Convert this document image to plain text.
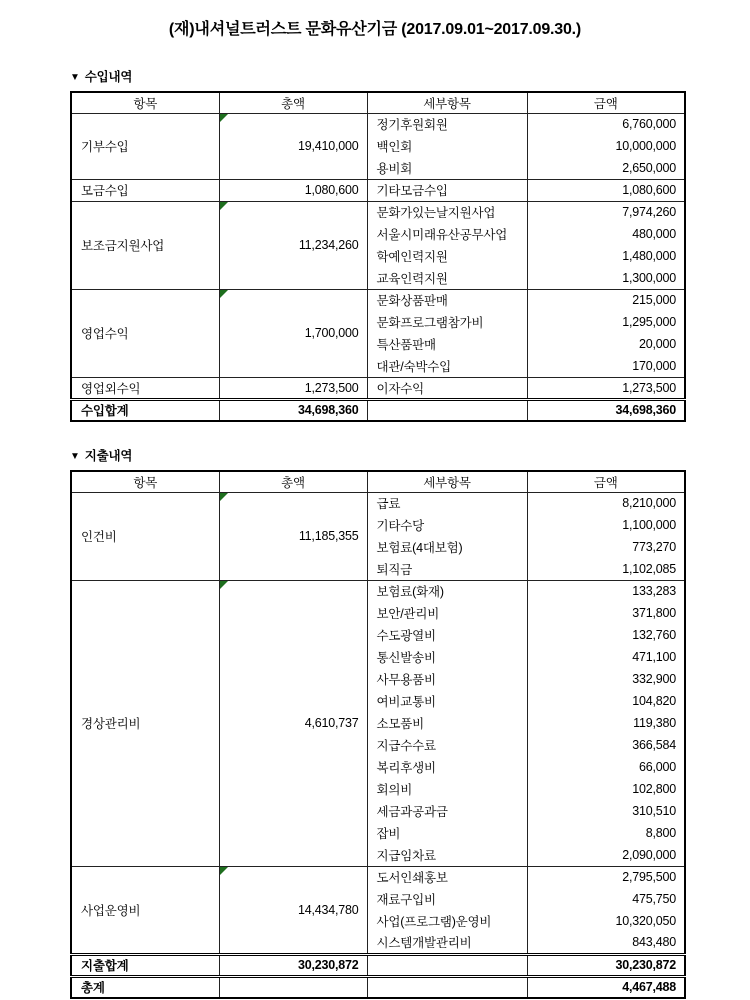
(재)내셔널트러스트 문화유산기금 (2017.09.01~2017.09.30.)
▼ 수입내역
항목	총액	세부항목	금액
기부수입	19,410,000	정기후원회원	6,760,000
		백인회	10,000,000
		용비회	2,650,000
모금수입	1,080,600	기타모금수입	1,080,600
보조금지원사업	11,234,260	문화가있는날지원사업	7,974,260
		서울시미래유산공무사업	480,000
		학예인력지원	1,480,000
		교육인력지원	1,300,000
영업수익	1,700,000	문화상품판매	215,000
		문화프로그램참가비	1,295,000
		특산품판매	20,000
		대관/숙박수입	170,000
영업외수익	1,273,500	이자수익	1,273,500
수입합계	34,698,360		34,698,360
▼ 지출내역
항목	총액	세부항목	금액
인건비	11,185,355	급료	8,210,000
		기타수당	1,100,000
		보험료(4대보험)	773,270
		퇴직금	1,102,085
경상관리비	4,610,737	보험료(화재)	133,283
		보안/관리비	371,800
		수도광열비	132,760
		통신발송비	471,100
		사무용품비	332,900
		여비교통비	104,820
		소모품비	119,380
		지급수수료	366,584
		복리후생비	66,000
		회의비	102,800
		세금과공과금	310,510
		잡비	8,800
		지급임차료	2,090,000
사업운영비	14,434,780	도서인쇄홍보	2,795,500
		재료구입비	475,750
		사업(프로그램)운영비	10,320,050
		시스템개발관리비	843,480
지출합계	30,230,872		30,230,872
총계			4,467,488
